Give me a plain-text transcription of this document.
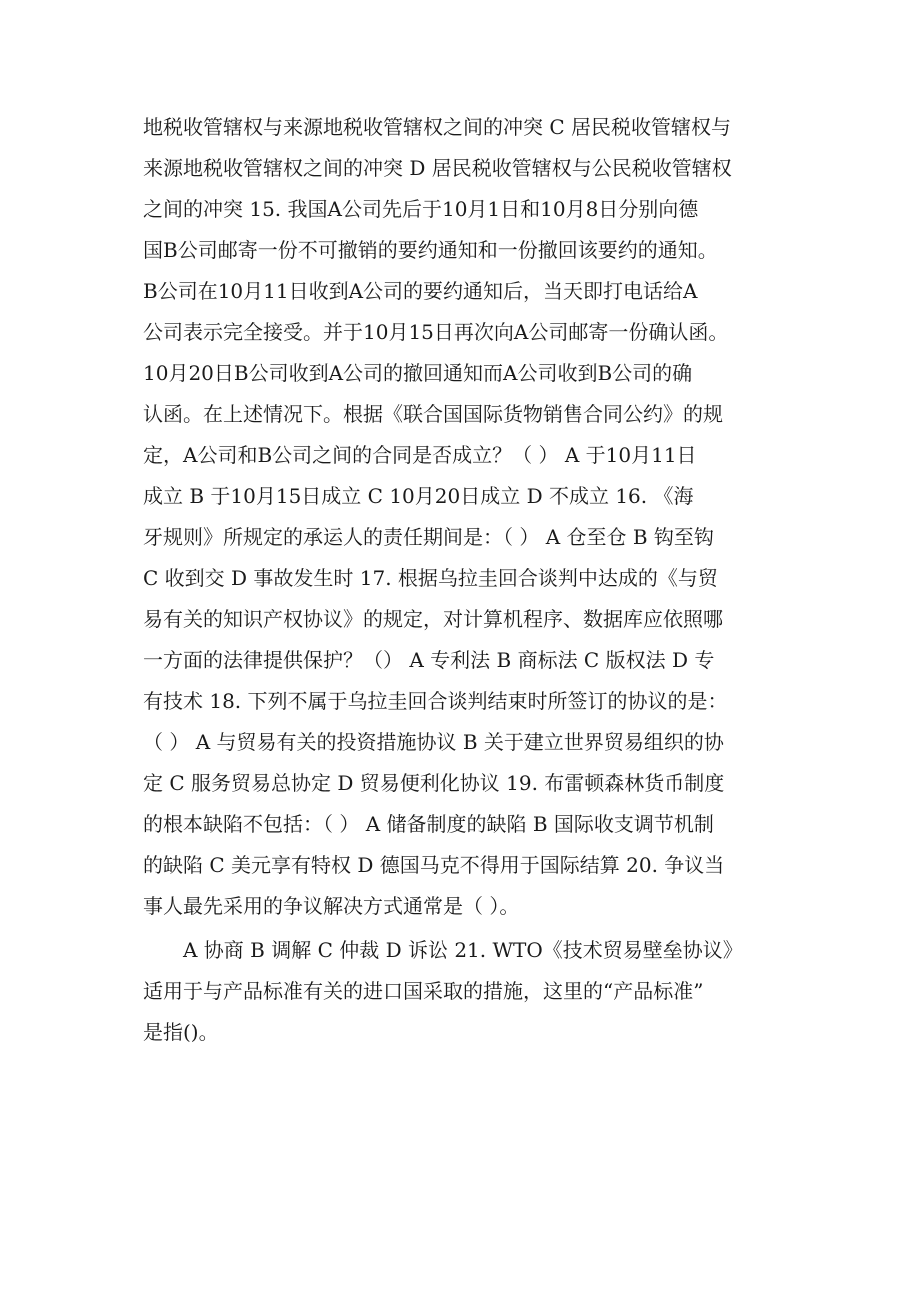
地税收管辖权与来源地税收管辖权之间的冲突 C 居民税收管辖权与
来源地税收管辖权之间的冲突 D 居民税收管辖权与公民税收管辖权
之间的冲突 15. 我国A公司先后于10月1日和10月8日分别向德
国B公司邮寄一份不可撤销的要约通知和一份撤回该要约的通知。
B公司在10月11日收到A公司的要约通知后，当天即打电话给A
公司表示完全接受。并于10月15日再次向A公司邮寄一份确认函。
10月20日B公司收到A公司的撤回通知而A公司收到B公司的确
认函。在上述情况下。根据《联合国国际货物销售合同公约》的规
定，A公司和B公司之间的合同是否成立？（ ） A 于10月11日
成立 B 于10月15日成立 C 10月20日成立 D 不成立 16. 《海
牙规则》所规定的承运人的责任期间是：（ ） A 仓至仓 B 钩至钩
C 收到交 D 事故发生时 17. 根据乌拉圭回合谈判中达成的《与贸
易有关的知识产权协议》的规定，对计算机程序、数据库应依照哪
一方面的法律提供保护？（） A 专利法 B 商标法 C 版权法 D 专
有技术 18. 下列不属于乌拉圭回合谈判结束时所签订的协议的是：
（ ） A 与贸易有关的投资措施协议 B 关于建立世界贸易组织的协
定 C 服务贸易总协定 D 贸易便利化协议 19. 布雷顿森林货币制度
的根本缺陷不包括：（ ） A 储备制度的缺陷 B 国际收支调节机制
的缺陷 C 美元享有特权 D 德国马克不得用于国际结算 20. 争议当
事人最先采用的争议解决方式通常是（ ）。
A 协商 B 调解 C 仲裁 D 诉讼 21. WTO《技术贸易壁垒协议》
适用于与产品标准有关的进口国采取的措施，这里的“产品标准”
是指()。
